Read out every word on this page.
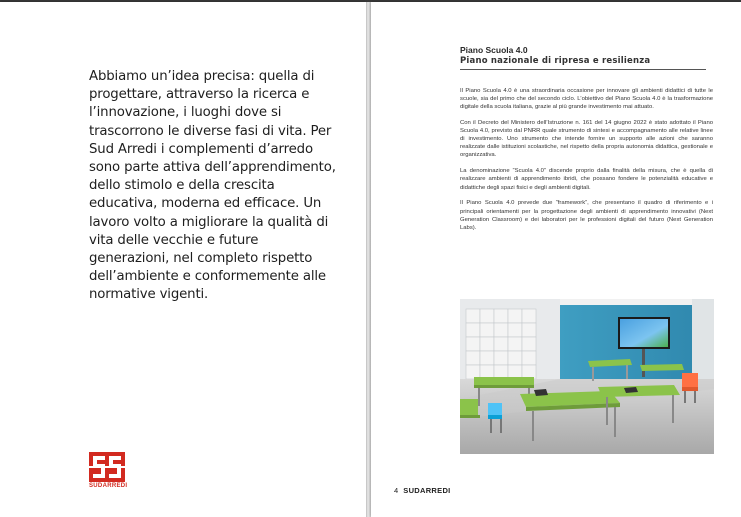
Abbiamo un’idea precisa: quella di progettare, attraverso la ricerca e l’innovazione, i luoghi dove si trascorrono le diverse fasi di vita. Per Sud Arredi i complementi d’arredo sono parte attiva dell’apprendimento, dello stimolo e della crescita educativa, moderna ed efficace. Un lavoro volto a migliorare la qualità di vita delle vecchie e future generazioni, nel completo rispetto dell’ambiente e conformemente alle normative vigenti.

SUDARREDI
Piano Scuola 4.0
Piano nazionale di ripresa e resilienza

Il Piano Scuola 4.0 è una straordinaria occasione per innovare gli ambienti didattici di tutte le scuole, sia del primo che del secondo ciclo. L’obiettivo del Piano Scuola 4.0 è la trasformazione digitale della scuola italiana, grazie al più grande investimento mai attuato.

Con il Decreto del Ministero dell’Istruzione n. 161 del 14 giugno 2022 è stato adottato il Piano Scuola 4.0, previsto dal PNRR quale strumento di sintesi e accompagnamento alle relative linee di investimento. Uno strumento che intende fornire un supporto alle azioni che saranno realizzate dalle istituzioni scolastiche, nel rispetto della propria autonomia didattica, gestionale e organizzativa.

La denominazione “Scuola 4.0” discende proprio dalla finalità della misura, che è quella di realizzare ambienti di apprendimento ibridi, che possano fondere le potenzialità educative e didattiche degli spazi fisici e degli ambienti digitali.

Il Piano Scuola 4.0 prevede due “framework”, che presentano il quadro di riferimento e i principali orientamenti per la progettazione degli ambienti di apprendimento innovativi (Next Generation Classroom) e dei laboratori per le professioni digitali del futuro (Next Generation Labs).

4 SUDARREDI
